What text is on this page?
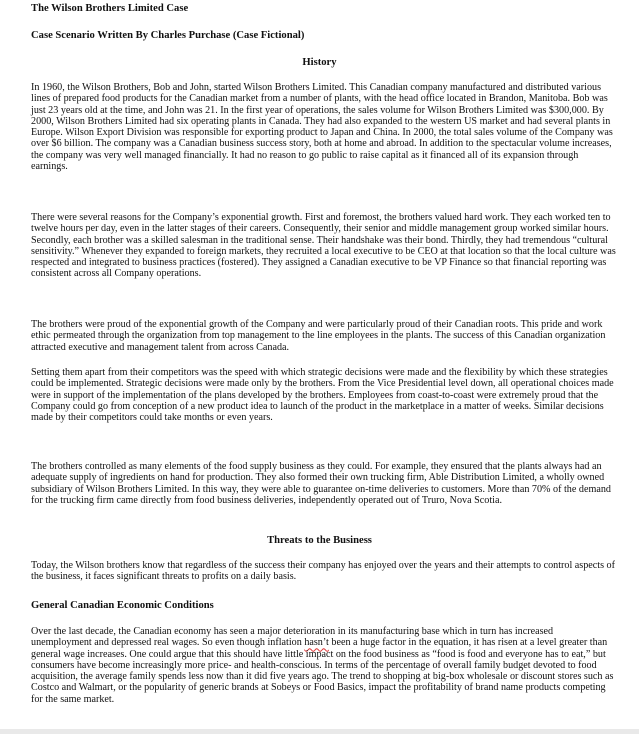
The Wilson Brothers Limited Case

Case Scenario Written By Charles Purchase (Case Fictional)

History

In 1960, the Wilson Brothers, Bob and John, started Wilson Brothers Limited. This Canadian company manufactured and distributed various lines of prepared food products for the Canadian market from a number of plants, with the head office located in Brandon, Manitoba. Bob was just 23 years old at the time, and John was 21. In the first year of operations, the sales volume for Wilson Brothers Limited was $300,000. By 2000, Wilson Brothers Limited had six operating plants in Canada. They had also expanded to the western US market and had several plants in Europe. Wilson Export Division was responsible for exporting product to Japan and China. In 2000, the total sales volume of the Company was over $6 billion. The company was a Canadian business success story, both at home and abroad. In addition to the spectacular volume increases, the company was very well managed financially. It had no reason to go public to raise capital as it financed all of its expansion through earnings.

There were several reasons for the Company’s exponential growth. First and foremost, the brothers valued hard work. They each worked ten to twelve hours per day, even in the latter stages of their careers. Consequently, their senior and middle management group worked similar hours. Secondly, each brother was a skilled salesman in the traditional sense. Their handshake was their bond. Thirdly, they had tremendous “cultural sensitivity.” Whenever they expanded to foreign markets, they recruited a local executive to be CEO at that location so that the local culture was respected and integrated to business practices (fostered). They assigned a Canadian executive to be VP Finance so that financial reporting was consistent across all Company operations.

The brothers were proud of the exponential growth of the Company and were particularly proud of their Canadian roots. This pride and work ethic permeated through the organization from top management to the line employees in the plants. The success of this Canadian organization attracted executive and management talent from across Canada.

Setting them apart from their competitors was the speed with which strategic decisions were made and the flexibility by which these strategies could be implemented. Strategic decisions were made only by the brothers. From the Vice Presidential level down, all operational choices made were in support of the implementation of the plans developed by the brothers. Employees from coast-to-coast were extremely proud that the Company could go from conception of a new product idea to launch of the product in the marketplace in a matter of weeks. Similar decisions made by their competitors could take months or even years.

The brothers controlled as many elements of the food supply business as they could. For example, they ensured that the plants always had an adequate supply of ingredients on hand for production. They also formed their own trucking firm, Able Distribution Limited, a wholly owned subsidiary of Wilson Brothers Limited. In this way, they were able to guarantee on-time deliveries to customers. More than 70% of the demand for the trucking firm came directly from food business deliveries, independently operated out of Truro, Nova Scotia.

Threats to the Business

Today, the Wilson brothers know that regardless of the success their company has enjoyed over the years and their attempts to control aspects of the business, it faces significant threats to profits on a daily basis.

General Canadian Economic Conditions

Over the last decade, the Canadian economy has seen a major deterioration in its manufacturing base which in turn has increased unemployment and depressed real wages. So even though inflation hasn’t been a huge factor in the equation, it has risen at a level greater than general wage increases. One could argue that this should have little impact on the food business as “food is food and everyone has to eat,” but consumers have become increasingly more price- and health-conscious. In terms of the percentage of overall family budget devoted to food acquisition, the average family spends less now than it did five years ago. The trend to shopping at big-box wholesale or discount stores such as Costco and Walmart, or the popularity of generic brands at Sobeys or Food Basics, impact the profitability of brand name products competing for the same market.
